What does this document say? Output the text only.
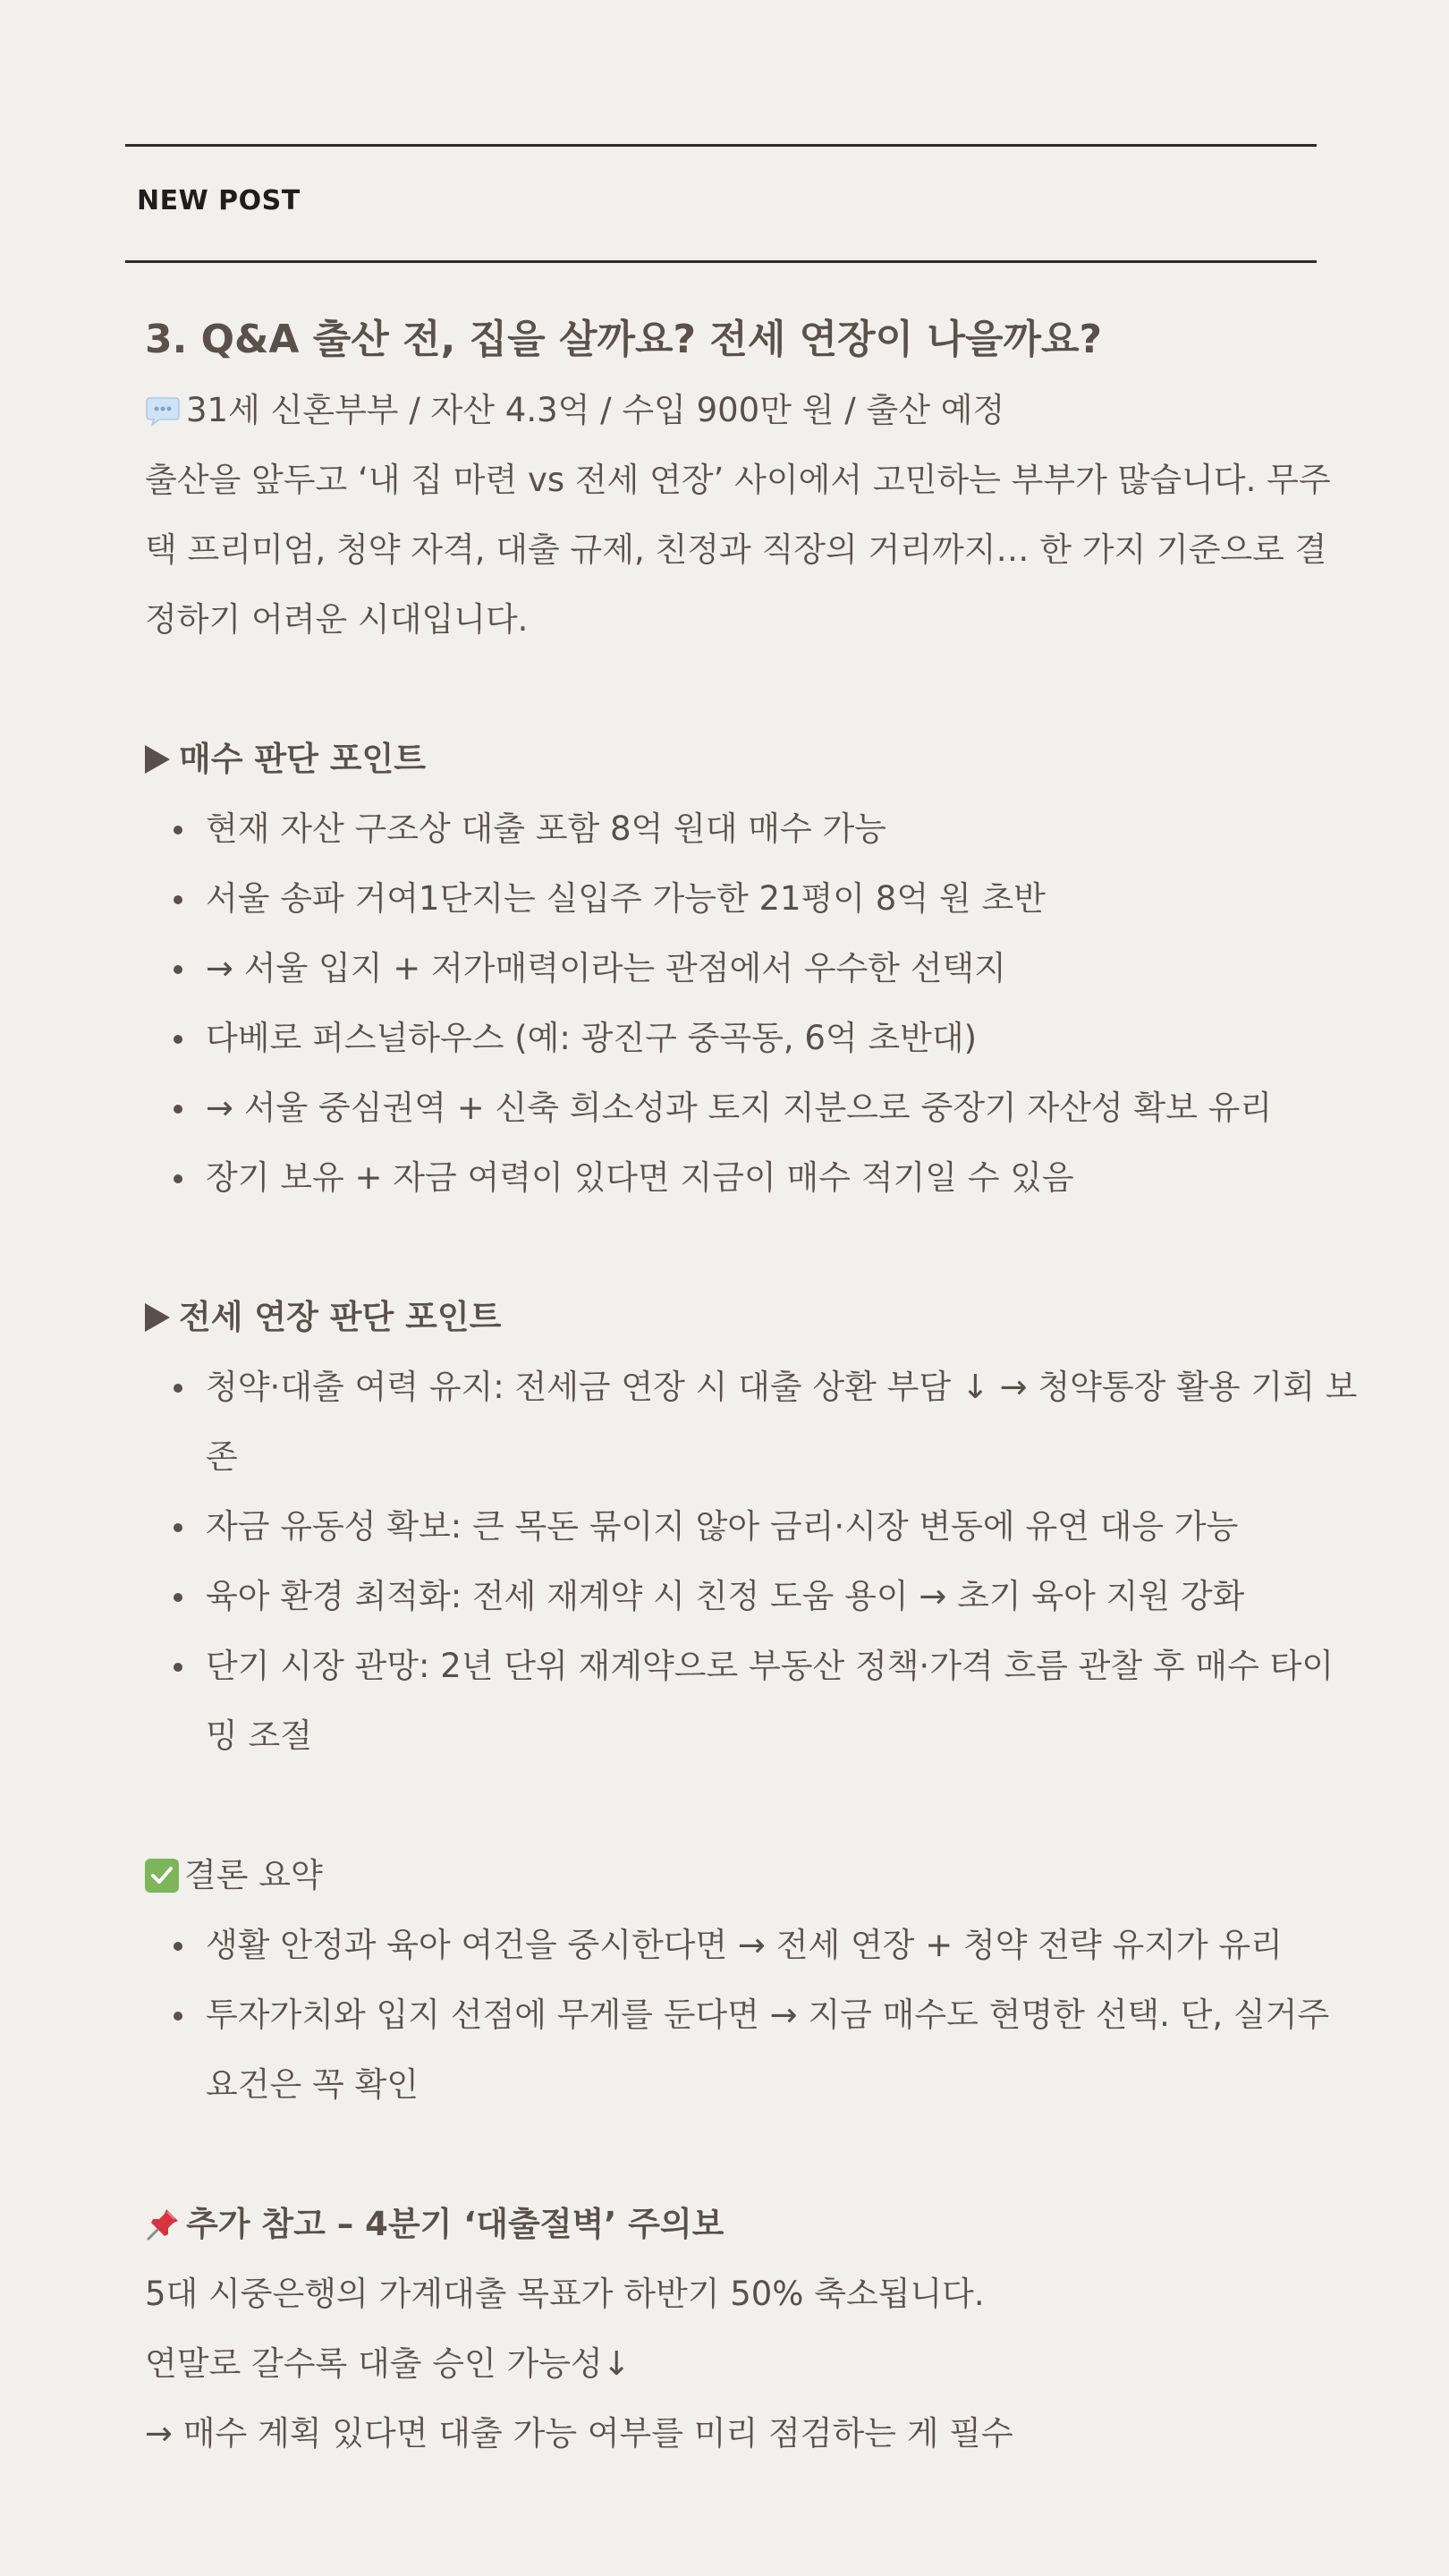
NEW POST
3. Q&A 출산 전, 집을 살까요? 전세 연장이 나을까요?

31세 신혼부부 / 자산 4.3억 / 수입 900만 원 / 출산 예정

출산을 앞두고 ‘내 집 마련 vs 전세 연장’ 사이에서 고민하는 부부가 많습니다. 무주택 프리미엄, 청약 자격, 대출 규제, 친정과 직장의 거리까지… 한 가지 기준으로 결정하기 어려운 시대입니다.

매수 판단 포인트

현재 자산 구조상 대출 포함 8억 원대 매수 가능
서울 송파 거여1단지는 실입주 가능한 21평이 8억 원 초반
→ 서울 입지 + 저가매력이라는 관점에서 우수한 선택지
다베로 퍼스널하우스 (예: 광진구 중곡동, 6억 초반대)
→ 서울 중심권역 + 신축 희소성과 토지 지분으로 중장기 자산성 확보 유리
장기 보유 + 자금 여력이 있다면 지금이 매수 적기일 수 있음

전세 연장 판단 포인트

청약·대출 여력 유지: 전세금 연장 시 대출 상환 부담 ↓ → 청약통장 활용 기회 보존
자금 유동성 확보: 큰 목돈 묶이지 않아 금리·시장 변동에 유연 대응 가능
육아 환경 최적화: 전세 재계약 시 친정 도움 용이 → 초기 육아 지원 강화
단기 시장 관망: 2년 단위 재계약으로 부동산 정책·가격 흐름 관찰 후 매수 타이밍 조절

결론 요약

생활 안정과 육아 여건을 중시한다면 → 전세 연장 + 청약 전략 유지가 유리
투자가치와 입지 선점에 무게를 둔다면 → 지금 매수도 현명한 선택. 단, 실거주 요건은 꼭 확인

추가 참고 – 4분기 ‘대출절벽’ 주의보

5대 시중은행의 가계대출 목표가 하반기 50% 축소됩니다.

연말로 갈수록 대출 승인 가능성↓

→ 매수 계획 있다면 대출 가능 여부를 미리 점검하는 게 필수
